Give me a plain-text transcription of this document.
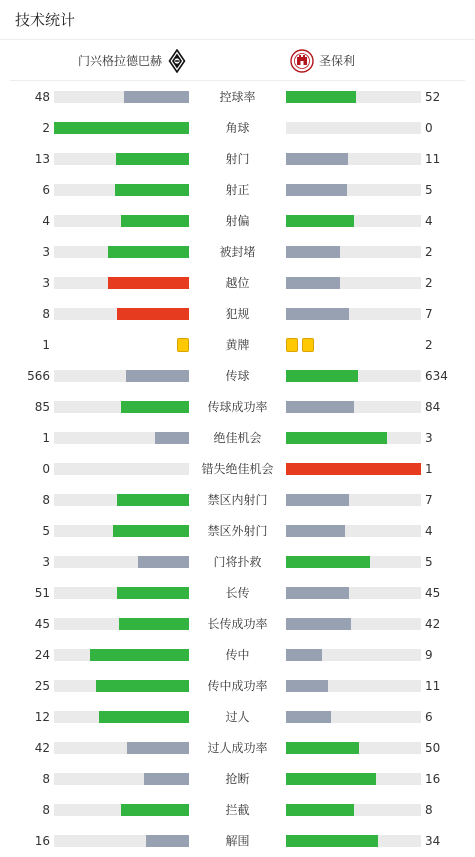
技术统计
门兴格拉德巴赫	圣保利
48	控球率	52
2	角球	0
13	射门	11
6	射正	5
4	射偏	4
3	被封堵	2
3	越位	2
8	犯规	7
1	黄牌	2
566	传球	634
85	传球成功率	84
1	绝佳机会	3
0	错失绝佳机会	1
8	禁区内射门	7
5	禁区外射门	4
3	门将扑救	5
51	长传	45
45	长传成功率	42
24	传中	9
25	传中成功率	11
12	过人	6
42	过人成功率	50
8	抢断	16
8	拦截	8
16	解围	34
